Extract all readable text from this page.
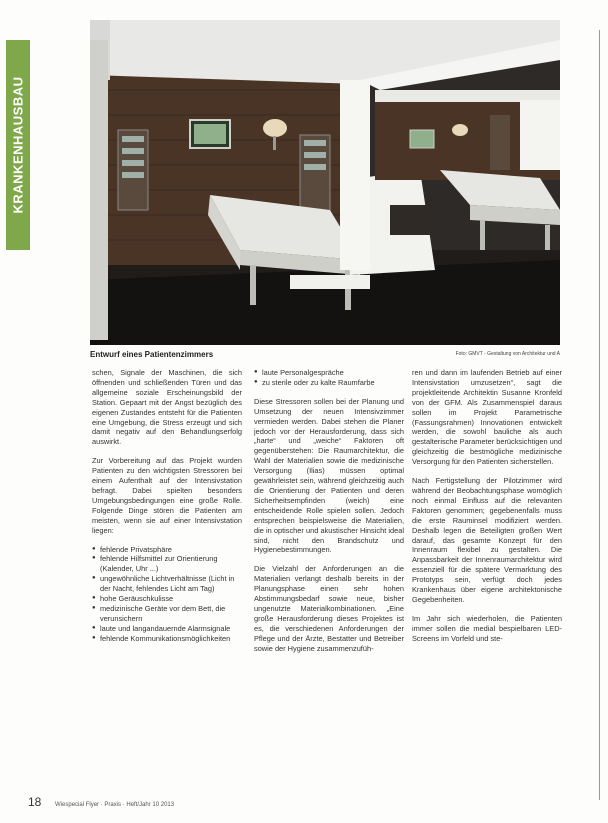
KRANKENHAUSBAU
Entwurf eines Patientenzimmers	Foto: GMVT - Gestaltung von Architektur und A

schen, Signale der Maschinen, die sich öffnenden und schließenden Türen und das allgemeine soziale Erscheinungsbild der Station. Gepaart mit der Angst bezüglich des eigenen Zustandes entsteht für die Patienten eine Umgebung, die Stress erzeugt und sich damit negativ auf den Behandlungserfolg auswirkt.

Zur Vorbereitung auf das Projekt wurden Patienten zu den wichtigsten Stressoren bei einem Aufenthalt auf der Intensivstation befragt. Dabei spielten besonders Umgebungsbedingungen eine große Rolle. Folgende Dinge stören die Patienten am meisten, wenn sie auf einer Intensivstation liegen:

● fehlende Privatsphäre
● fehlende Hilfsmittel zur Orientierung (Kalender, Uhr ...)
● ungewöhnliche Lichtverhältnisse (Licht in der Nacht, fehlendes Licht am Tag)
● hohe Geräuschkulisse
● medizinische Geräte vor dem Bett, die verunsichern
● laute und langandauernde Alarmsignale
● fehlende Kommunikationsmöglichkeiten
● laute Personalgespräche
● zu sterile oder zu kalte Raumfarbe

Diese Stressoren sollen bei der Planung und Umsetzung der neuen Intensivzimmer vermieden werden. Dabei stehen die Planer jedoch vor der Herausforderung, dass sich „harte“ und „weiche“ Faktoren oft gegenüberstehen: Die Raumarchitektur, die Wahl der Materialien sowie die medizinische Versorgung (Ilias) müssen optimal gewährleistet sein, während gleichzeitig auch die Orientierung der Patienten und deren Sicherheitsempfinden (weich) eine entscheidende Rolle spielen sollen. Jedoch entsprechen beispielsweise die Materialien, die in optischer und akustischer Hinsicht ideal sind, nicht den Brandschutz und Hygienebestimmungen.

Die Vielzahl der Anforderungen an die Materialien verlangt deshalb bereits in der Planungsphase einen sehr hohen Abstimmungsbedarf sowie neue, bisher ungenutzte Materialkombinationen. „Eine große Herausforderung dieses Projektes ist es, die verschiedenen Anforderungen der Pflege und der Ärzte, Bestatter und Betreiber sowie der Hygiene zusammenzufüh-

ren und dann im laufenden Betrieb auf einer Intensivstation umzusetzen“, sagt die projektleitende Architektin Susanne Kronfeld von der GFM. Als Zusammenspiel daraus sollen im Projekt Parametrische (Fassungsrahmen) Innovationen entwickelt werden, die sowohl bauliche als auch gestalterische Parameter berücksichtigen und gleichzeitig die bestmögliche medizinische Versorgung für den Patienten sicherstellen.

Nach Fertigstellung der Pilotzimmer wird während der Beobachtungsphase womöglich noch einmal Einfluss auf die relevanten Faktoren genommen; gegebenenfalls muss die erste Rauminsel modifiziert werden. Deshalb legen die Beteiligten großen Wert darauf, das gesamte Konzept für den Innenraum flexibel zu gestalten. Die Anpassbarkeit der Innenraumarchitektur wird essenziell für die spätere Vermarktung des Prototyps sein, verfügt doch jedes Krankenhaus über eigene architektonische Gegebenheiten.

Im Jahr sich wiederholen, die Patienten immer sollen die medial bespielbaren LED-Screens im Vorfeld und ste-

18 Wiespecial Flyer · Praxis · Heft/Jahr 10 2013
